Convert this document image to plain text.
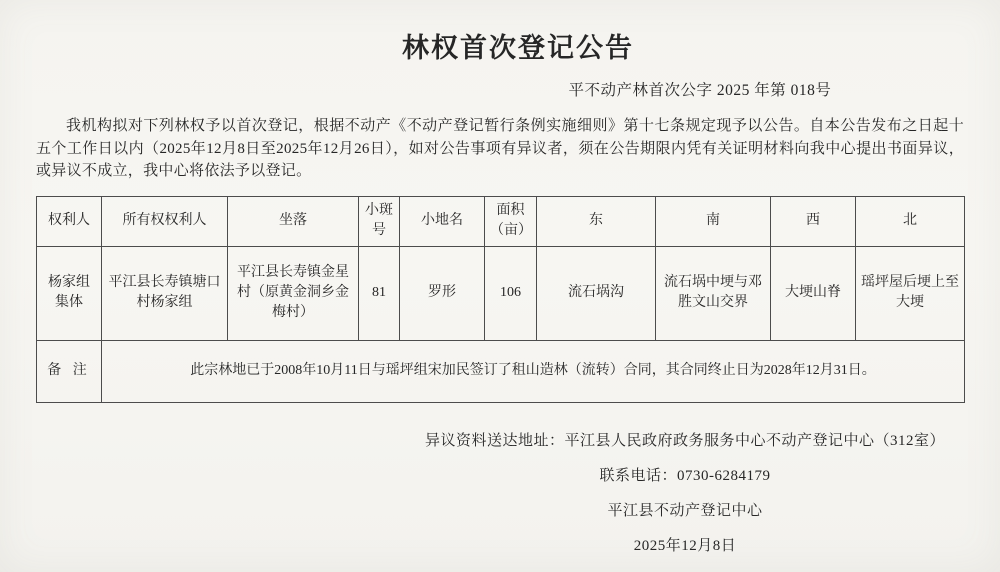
林权首次登记公告
平不动产林首次公字 2025 年第 018号

我机构拟对下列林权予以首次登记，根据不动产《不动产登记暂行条例实施细则》第十七条规定现予以公告。自本公告发布之日起十五个工作日以内（2025年12月8日至2025年12月26日），如对公告事项有异议者，须在公告期限内凭有关证明材料向我中心提出书面异议，或异议不成立，我中心将依法予以登记。

权利人	所有权权利人	坐落	小斑号	小地名	面积（亩）	东	南	西	北
杨家组集体	平江县长寿镇塘口村杨家组	平江县长寿镇金星村（原黄金洞乡金梅村）	81	罗形	106	流石埚沟	流石埚中埂与邓胜文山交界	大埂山脊	瑶坪屋后埂上至大埂
备 注	此宗林地已于2008年10月11日与瑶坪组宋加民签订了租山造林（流转）合同，其合同终止日为2028年12月31日。								
异议资料送达地址：平江县人民政府政务服务中心不动产登记中心（312室）
联系电话：0730-6284179
平江县不动产登记中心
2025年12月8日
